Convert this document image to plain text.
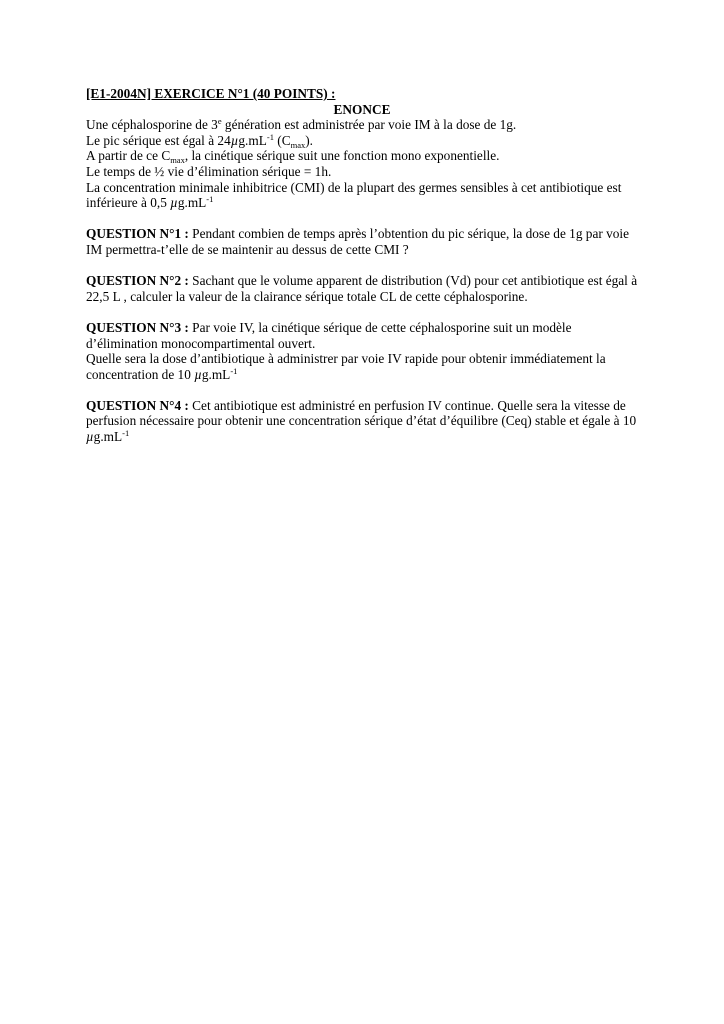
[E1-2004N] EXERCICE N°1 (40 POINTS) :

ENONCE

Une céphalosporine de 3e génération est administrée par voie IM à la dose de 1g.

Le pic sérique est égal à $24\mu g.mL^{-1}$ $(C_{max})$.

A partir de ce $C_{max}$, la cinétique sérique suit une fonction mono exponentielle.

Le temps de ½ vie d’élimination sérique = 1h.

La concentration minimale inhibitrice (CMI) de la plupart des germes sensibles à cet antibiotique est inférieure à 0,5 $\mu g.mL^{-1}$

QUESTION N°1 : Pendant combien de temps après l’obtention du pic sérique, la dose de 1g par voie IM permettra-t’elle de se maintenir au dessus de cette CMI ?

QUESTION N°2 : Sachant que le volume apparent de distribution (Vd) pour cet antibiotique est égal à 22,5 L , calculer la valeur de la clairance sérique totale CL de cette céphalosporine.

QUESTION N°3 : Par voie IV, la cinétique sérique de cette céphalosporine suit un modèle d’élimination monocompartimental ouvert.

Quelle sera la dose d’antibiotique à administrer par voie IV rapide pour obtenir immédiatement la concentration de 10 $\mu g.mL^{-1}$

QUESTION N°4 : Cet antibiotique est administré en perfusion IV continue. Quelle sera la vitesse de perfusion nécessaire pour obtenir une concentration sérique d’état d’équilibre (Ceq) stable et égale à 10 $\mu g.mL^{-1}$
